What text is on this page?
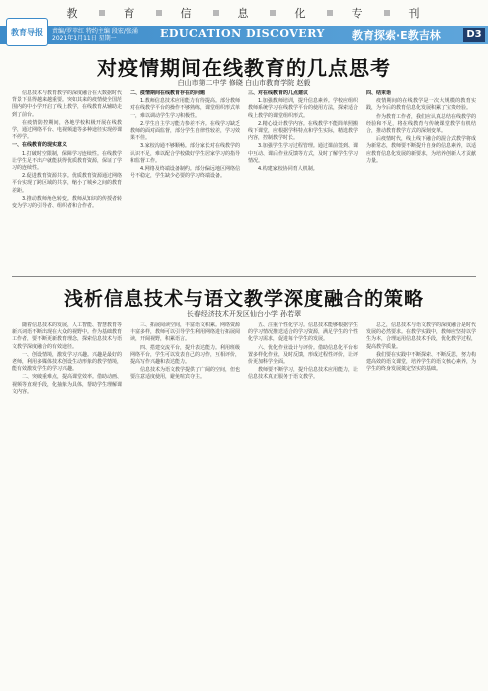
教	育	信	息	化	专	刊
教育导报	责编/罗苹红 特约主编 段宏/张涌
2021年1月11日 星期一	EDUCATION DISCOVERY 教育探索·E教吉林	D3
对疫情期间在线教育的几点思考
白山市第二中学 修晓 白山市教育学院 赵毅

信息技术与教育教学的深度融合在大数据时代背景下显得越来越重要。突如其来的疫情使全国范围内的中小学开启了线上教学，在线教育从辅助走到了前台。

在疫情防控期间，各地学校积极开展在线教学，通过网络平台、电视频道等多种途径实现停课不停学。

一、在线教育的现实意义

1.打破时空限制，保障学习连续性。在线教学让学生足不出户就能获得优质教育资源，保证了学习的连续性。

2.促进教育资源共享。优质教育资源通过网络平台实现了跨区域的共享，缩小了城乡之间的教育差距。

3.推动教师角色转变。教师从知识的传授者转变为学习的引导者、组织者和合作者。

二、疫情期间在线教育存在的问题

1.教师信息技术应用能力有待提高。部分教师对在线教学平台的操作不够熟练，课堂组织形式单一，难以调动学生学习积极性。

2.学生自主学习能力参差不齐。在线学习缺乏教师的面对面监督，部分学生自律性较差，学习效果不佳。

3.家校沟通不够顺畅。部分家长对在线教学的认识不足，难以配合学校做好学生居家学习的指导和监督工作。

4.网络及终端设备制约。部分偏远地区网络信号不稳定，学生缺少必要的学习终端设备。

三、对在线教育的几点建议

1.加强教师培训，提升信息素养。学校应组织教师系统学习在线教学平台的使用方法，探索适合线上教学的课堂组织形式。

2.精心设计教学内容。在线教学不能简单照搬线下课堂，应根据学科特点和学生实际，精选教学内容，控制教学时长。

3.加强学生学习过程管理。通过课前签到、课中互动、课后作业反馈等方式，及时了解学生学习情况。

4.构建家校协同育人机制。

四、结束语

疫情期间的在线教学是一次大规模的教育实践，为今后的教育信息化发展积累了宝贵经验。

作为教育工作者，我们应认真总结在线教学的经验和不足，将在线教育与传统课堂教学有机结合，推动教育教学方式的深刻变革。

后疫情时代，线上线下融合的混合式教学将成为新常态，教师要不断提升自身的信息素养，以适应教育信息化发展的新要求，为培养创新人才贡献力量。

浅析信息技术与语文教学深度融合的策略
长春经济技术开发区仙台小学 孙若翠

随着信息技术的发展，人工智能、智慧教育等新兴词语不断出现在大众的视野中。作为基础教育工作者，要不断更新教育理念，探索信息技术与语文教学深度融合的有效途径。

一、创设情境，激发学习兴趣。兴趣是最好的老师，利用多媒体技术创设生动形象的教学情境，能有效激发学生的学习兴趣。

二、突破重难点，提高课堂效率。借助动画、视频等直观手段，化抽象为具体，帮助学生理解课文内容。

三、拓展阅读空间，丰富语文积累。网络资源丰富多样，教师可以引导学生利用网络进行拓展阅读，开阔视野，积累语言。

四、搭建交流平台，提升表达能力。利用班级网络平台，学生可以发表自己的习作，互相评价，提高写作兴趣和表达能力。

信息技术为语文教学提供了广阔的空间，但也要注意适度使用，避免喧宾夺主。

五、注重个性化学习。信息技术能够根据学生的学习情况推送适合的学习资源，满足学生的个性化学习需求，促进每个学生的发展。

六、优化作业设计与评价。借助信息化平台布置多样化作业，及时反馈，形成过程性评价，让评价更加科学全面。

教师要不断学习，提升信息技术应用能力，让信息技术真正服务于语文教学。

总之，信息技术与语文教学的深度融合是时代发展的必然要求。在教学实践中，教师应坚持以学生为本，合理运用信息技术手段，优化教学过程，提高教学质量。

我们要在实践中不断探索、不断反思，努力构建高效的语文课堂，培养学生的语文核心素养，为学生的终身发展奠定坚实的基础。
